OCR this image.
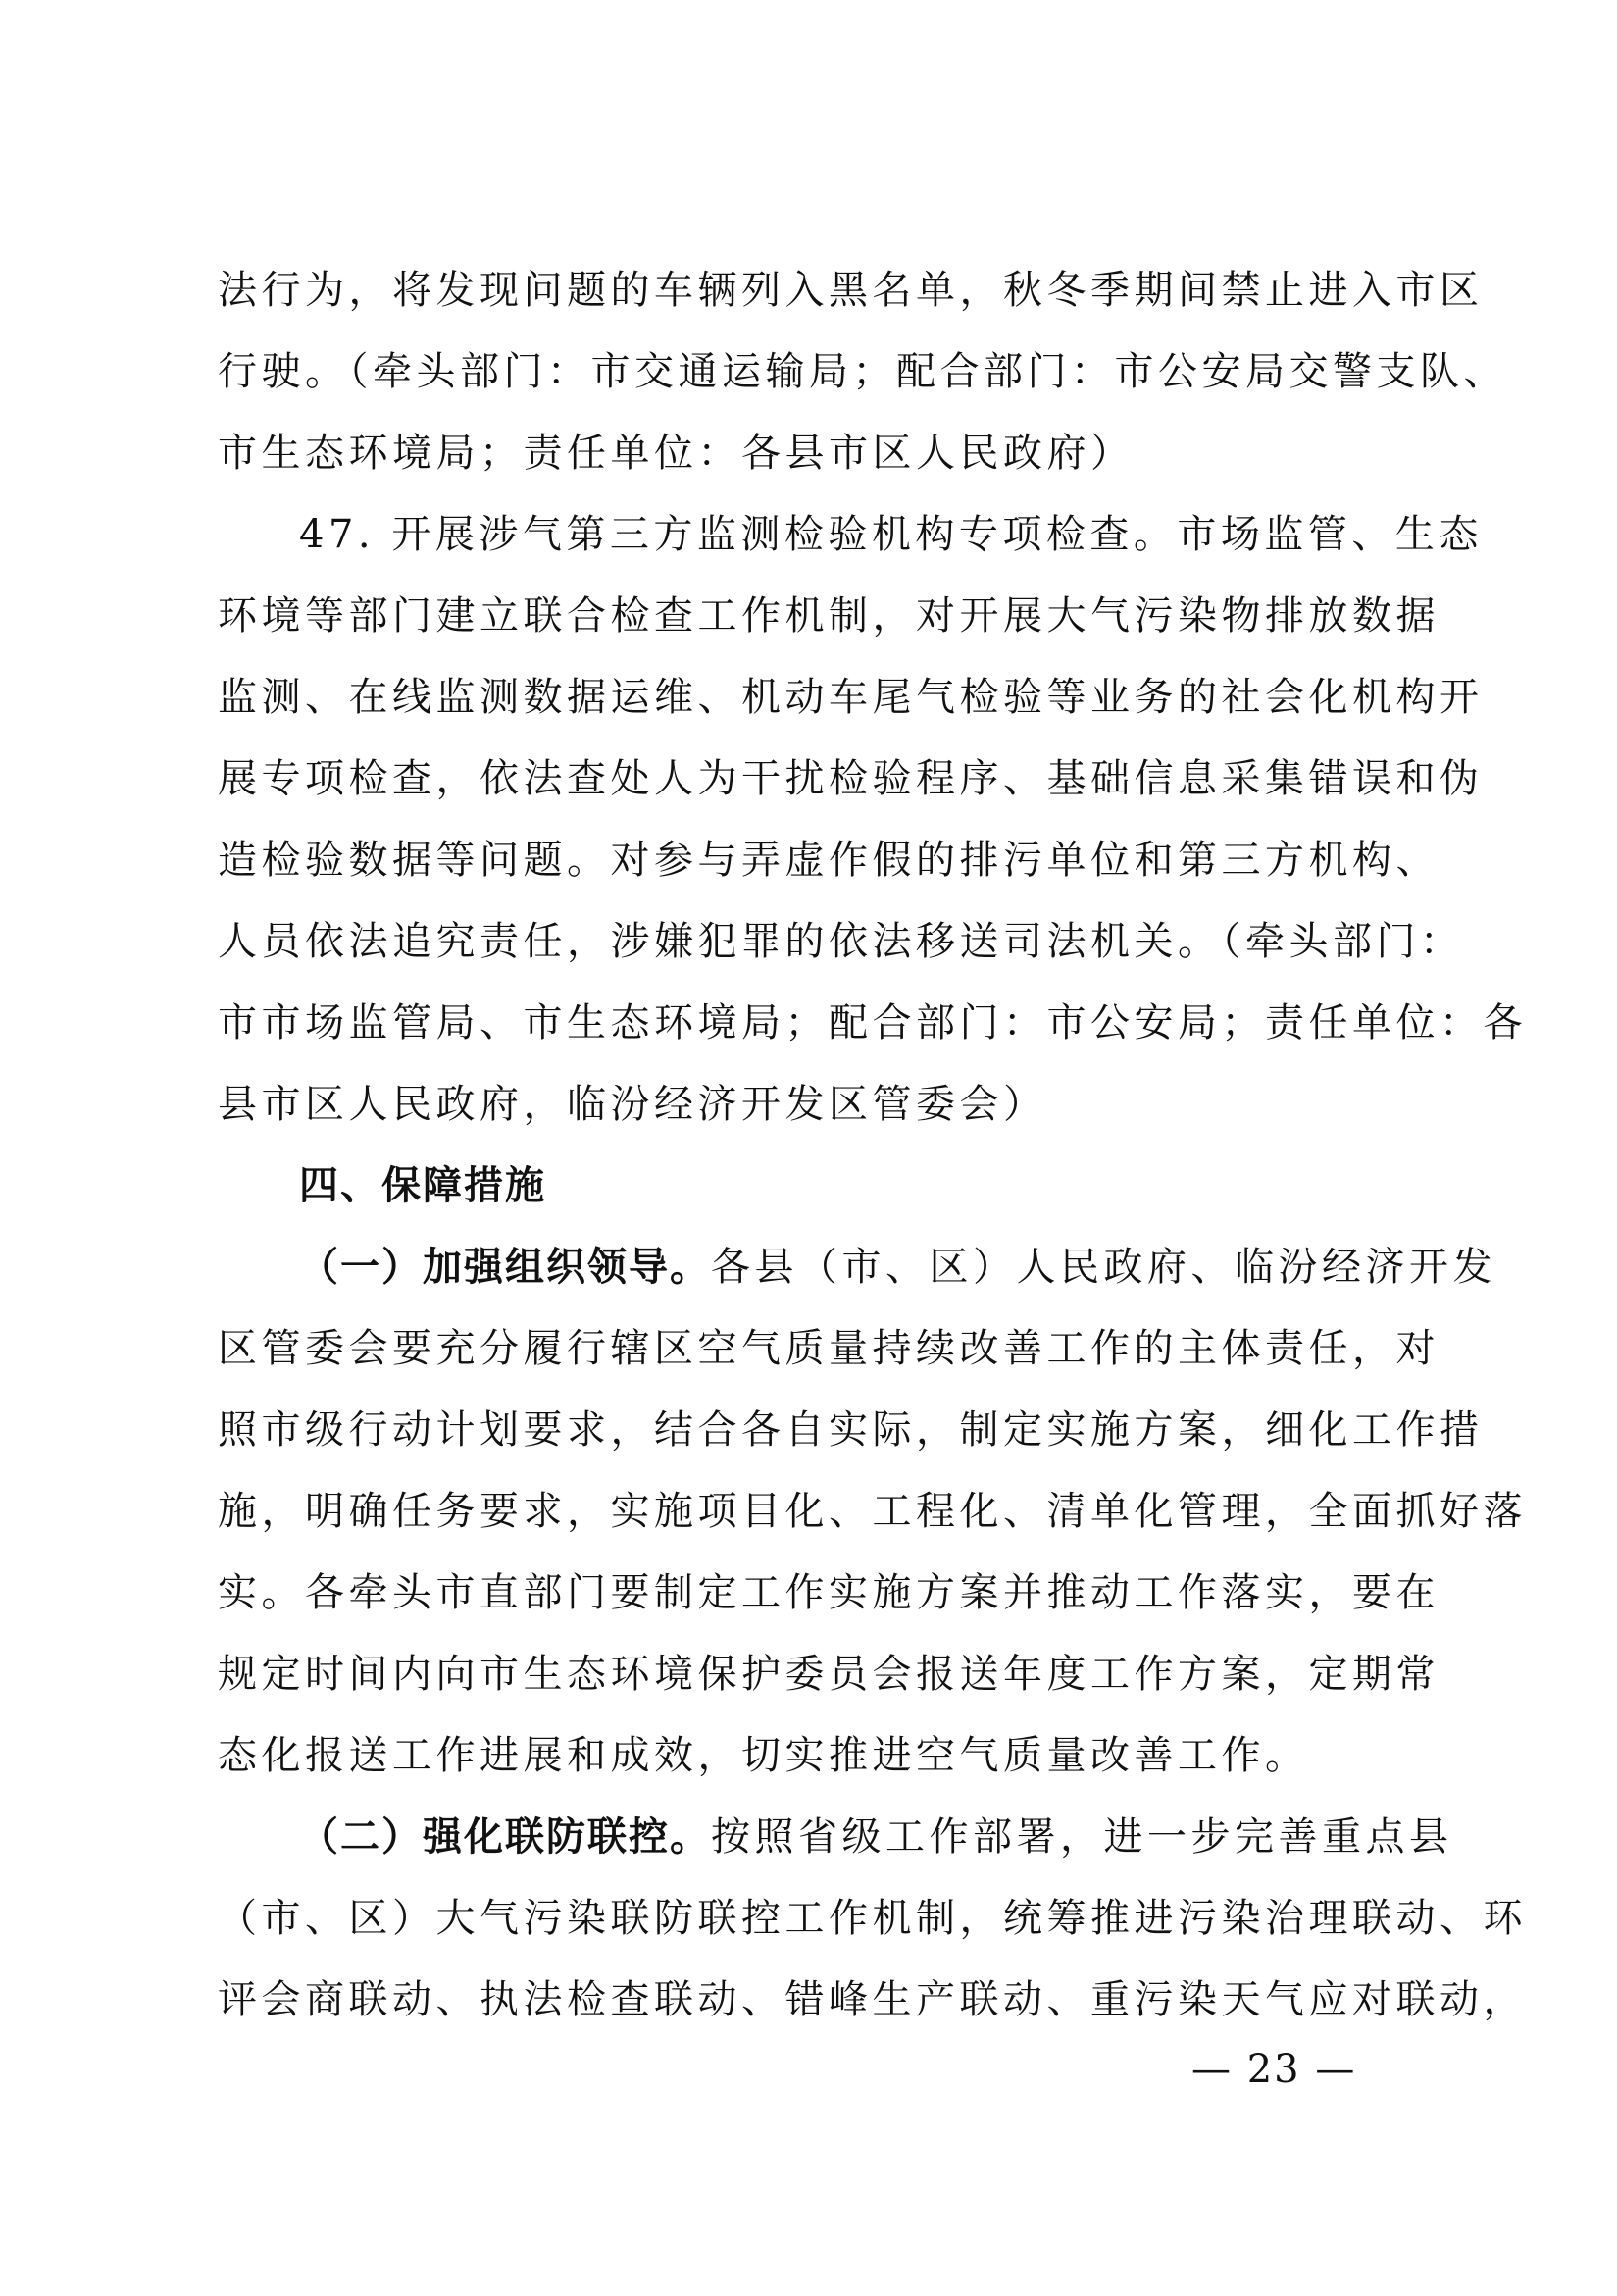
法行为，将发现问题的车辆列入黑名单，秋冬季期间禁止进入市区
行驶。（牵头部门：市交通运输局；配合部门：市公安局交警支队、
市生态环境局；责任单位：各县市区人民政府）
47. 开展涉气第三方监测检验机构专项检查。市场监管、生态
环境等部门建立联合检查工作机制，对开展大气污染物排放数据
监测、在线监测数据运维、机动车尾气检验等业务的社会化机构开
展专项检查，依法查处人为干扰检验程序、基础信息采集错误和伪
造检验数据等问题。对参与弄虚作假的排污单位和第三方机构、
人员依法追究责任，涉嫌犯罪的依法移送司法机关。（牵头部门：
市市场监管局、市生态环境局；配合部门：市公安局；责任单位：各
县市区人民政府，临汾经济开发区管委会）
四、保障措施
（一）加强组织领导。各县（市、区）人民政府、临汾经济开发
区管委会要充分履行辖区空气质量持续改善工作的主体责任，对
照市级行动计划要求，结合各自实际，制定实施方案，细化工作措
施，明确任务要求，实施项目化、工程化、清单化管理，全面抓好落
实。各牵头市直部门要制定工作实施方案并推动工作落实，要在
规定时间内向市生态环境保护委员会报送年度工作方案，定期常
态化报送工作进展和成效，切实推进空气质量改善工作。
（二）强化联防联控。按照省级工作部署，进一步完善重点县
（市、区）大气污染联防联控工作机制，统筹推进污染治理联动、环
评会商联动、执法检查联动、错峰生产联动、重污染天气应对联动，
— 23 —
